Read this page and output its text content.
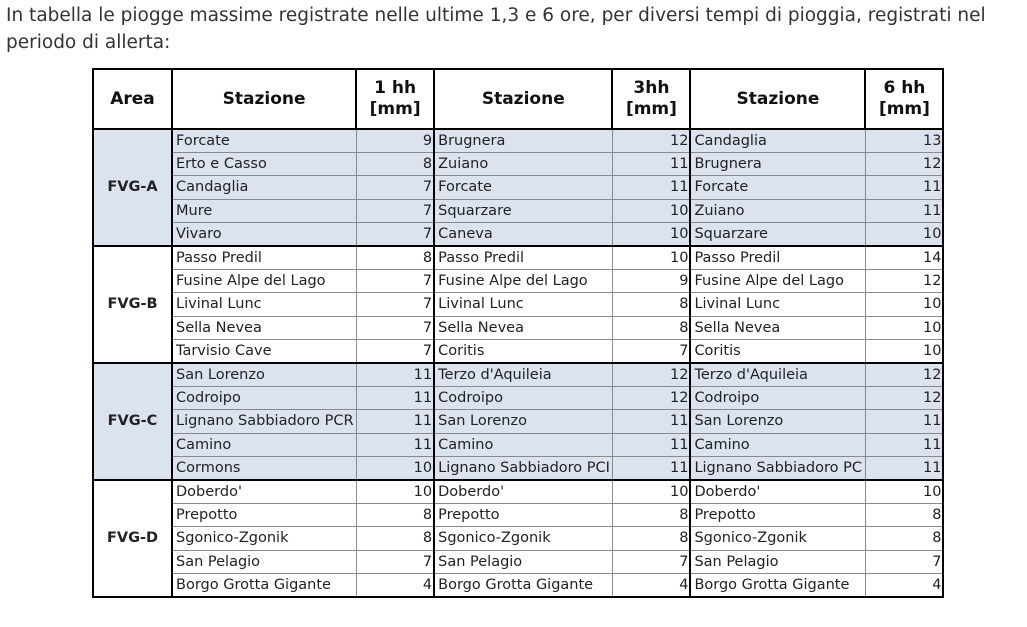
In tabella le piogge massime registrate nelle ultime 1,3 e 6 ore, per diversi tempi di pioggia, registrati nel periodo di allerta:
Area	Stazione	1 hh [mm]	Stazione	3hh [mm]	Stazione	6 hh [mm]
FVG-A	Forcate	9	Brugnera	12	Candaglia	13
	Erto e Casso	8	Zuiano	11	Brugnera	12
	Candaglia	7	Forcate	11	Forcate	11
	Mure	7	Squarzare	10	Zuiano	11
	Vivaro	7	Caneva	10	Squarzare	10
FVG-B	Passo Predil	8	Passo Predil	10	Passo Predil	14
	Fusine Alpe del Lago	7	Fusine Alpe del Lago	9	Fusine Alpe del Lago	12
	Livinal Lunc	7	Livinal Lunc	8	Livinal Lunc	10
	Sella Nevea	7	Sella Nevea	8	Sella Nevea	10
	Tarvisio Cave	7	Coritis	7	Coritis	10
FVG-C	San Lorenzo	11	Terzo d'Aquileia	12	Terzo d'Aquileia	12
	Codroipo	11	Codroipo	12	Codroipo	12
	Lignano Sabbiadoro PCR	11	San Lorenzo	11	San Lorenzo	11
	Camino	11	Camino	11	Camino	11
	Cormons	10	Lignano Sabbiadoro PCI	11	Lignano Sabbiadoro PC	11
FVG-D	Doberdo'	10	Doberdo'	10	Doberdo'	10
	Prepotto	8	Prepotto	8	Prepotto	8
	Sgonico-Zgonik	8	Sgonico-Zgonik	8	Sgonico-Zgonik	8
	San Pelagio	7	San Pelagio	7	San Pelagio	7
	Borgo Grotta Gigante	4	Borgo Grotta Gigante	4	Borgo Grotta Gigante	4
